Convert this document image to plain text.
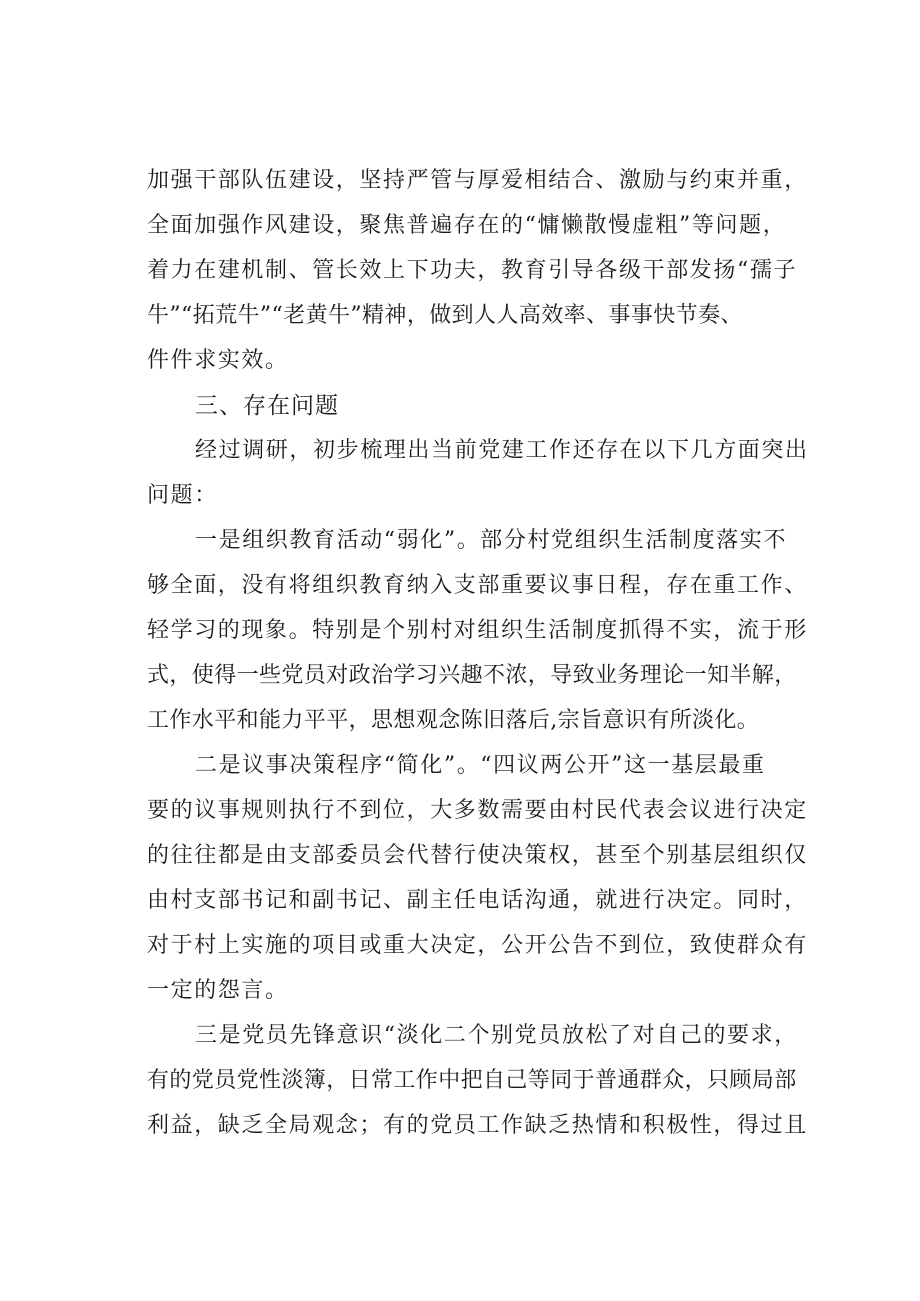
加强干部队伍建设，坚持严管与厚爱相结合、激励与约束并重，
全面加强作风建设，聚焦普遍存在的“慵懒散慢虚粗”等问题，
着力在建机制、管长效上下功夫，教育引导各级干部发扬“孺子
牛”“拓荒牛”“老黄牛”精神，做到人人高效率、事事快节奏、
件件求实效。
三、存在问题
经过调研，初步梳理出当前党建工作还存在以下几方面突出
问题：
一是组织教育活动“弱化”。部分村党组织生活制度落实不
够全面，没有将组织教育纳入支部重要议事日程，存在重工作、
轻学习的现象。特别是个别村对组织生活制度抓得不实，流于形
式，使得一些党员对政治学习兴趣不浓，导致业务理论一知半解，
工作水平和能力平平，思想观念陈旧落后,宗旨意识有所淡化。
二是议事决策程序“简化”。“四议两公开”这一基层最重
要的议事规则执行不到位，大多数需要由村民代表会议进行决定
的往往都是由支部委员会代替行使决策权，甚至个别基层组织仅
由村支部书记和副书记、副主任电话沟通，就进行决定。同时，
对于村上实施的项目或重大决定，公开公告不到位，致使群众有
一定的怨言。
三是党员先锋意识“淡化二个别党员放松了对自己的要求，
有的党员党性淡簿，日常工作中把自己等同于普通群众，只顾局部
利益，缺乏全局观念；有的党员工作缺乏热情和积极性，得过且
